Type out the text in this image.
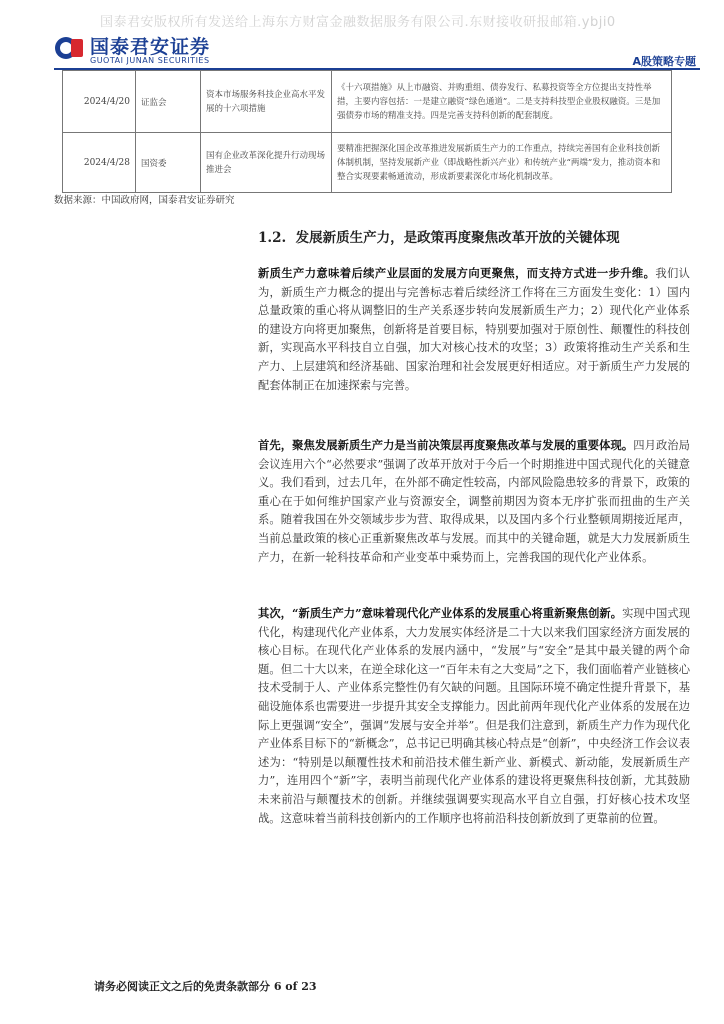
国泰君安版权所有发送给上海东方财富金融数据服务有限公司.东财接收研报邮箱.ybji0
国泰君安证券
GUOTAI JUNAN SECURITIES	A股策略专题
2024/4/20	证监会	资本市场服务科技企业高水平发展的十六项措施	《十六项措施》从上市融资、并购重组、债券发行、私募投资等全方位提出支持性举措，主要内容包括：一是建立融资“绿色通道”。二是支持科技型企业股权融资。三是加强债券市场的精准支持。四是完善支持科创新的配套制度。
2024/4/28	国资委	国有企业改革深化提升行动现场推进会	要精准把握深化国企改革推进发展新质生产力的工作重点，持续完善国有企业科技创新体制机制，坚持发展新产业（即战略性新兴产业）和传统产业“两端”发力，推动资本和整合实现要素畅通流动，形成新要素深化市场化机制改革。
数据来源：中国政府网，国泰君安证券研究
1.2. 发展新质生产力，是政策再度聚焦改革开放的关键体现
新质生产力意味着后续产业层面的发展方向更聚焦，而支持方式进一步升维。我们认为，新质生产力概念的提出与完善标志着后续经济工作将在三方面发生变化：1）国内总量政策的重心将从调整旧的生产关系逐步转向发展新质生产力；2）现代化产业体系的建设方向将更加聚焦，创新将是首要目标，特别要加强对于原创性、颠覆性的科技创新，实现高水平科技自立自强，加大对核心技术的攻坚；3）政策将推动生产关系和生产力、上层建筑和经济基础、国家治理和社会发展更好相适应。对于新质生产力发展的配套体制正在加速探索与完善。
首先，聚焦发展新质生产力是当前决策层再度聚焦改革与发展的重要体现。四月政治局会议连用六个“必然要求”强调了改革开放对于今后一个时期推进中国式现代化的关键意义。我们看到，过去几年，在外部不确定性较高，内部风险隐患较多的背景下，政策的重心在于如何维护国家产业与资源安全，调整前期因为资本无序扩张而扭曲的生产关系。随着我国在外交领域步步为营、取得成果，以及国内多个行业整顿周期接近尾声，当前总量政策的核心正重新聚焦改革与发展。而其中的关键命题，就是大力发展新质生产力，在新一轮科技革命和产业变革中乘势而上，完善我国的现代化产业体系。
其次，“新质生产力”意味着现代化产业体系的发展重心将重新聚焦创新。实现中国式现代化，构建现代化产业体系，大力发展实体经济是二十大以来我们国家经济方面发展的核心目标。在现代化产业体系的发展内涵中，“发展”与“安全”是其中最关键的两个命题。但二十大以来，在逆全球化这一“百年未有之大变局”之下，我们面临着产业链核心技术受制于人、产业体系完整性仍有欠缺的问题。且国际环境不确定性提升背景下，基础设施体系也需要进一步提升其安全支撑能力。因此前两年现代化产业体系的发展在边际上更强调“安全”，强调“发展与安全并举”。但是我们注意到，新质生产力作为现代化产业体系目标下的“新概念”，总书记已明确其核心特点是“创新”，中央经济工作会议表述为：“特别是以颠覆性技术和前沿技术催生新产业、新模式、新动能，发展新质生产力”，连用四个“新”字，表明当前现代化产业体系的建设将更聚焦科技创新，尤其鼓励未来前沿与颠覆技术的创新。并继续强调要实现高水平自立自强，打好核心技术攻坚战。这意味着当前科技创新内的工作顺序也将前沿科技创新放到了更靠前的位置。
请务必阅读正文之后的免责条款部分 6 of 23
